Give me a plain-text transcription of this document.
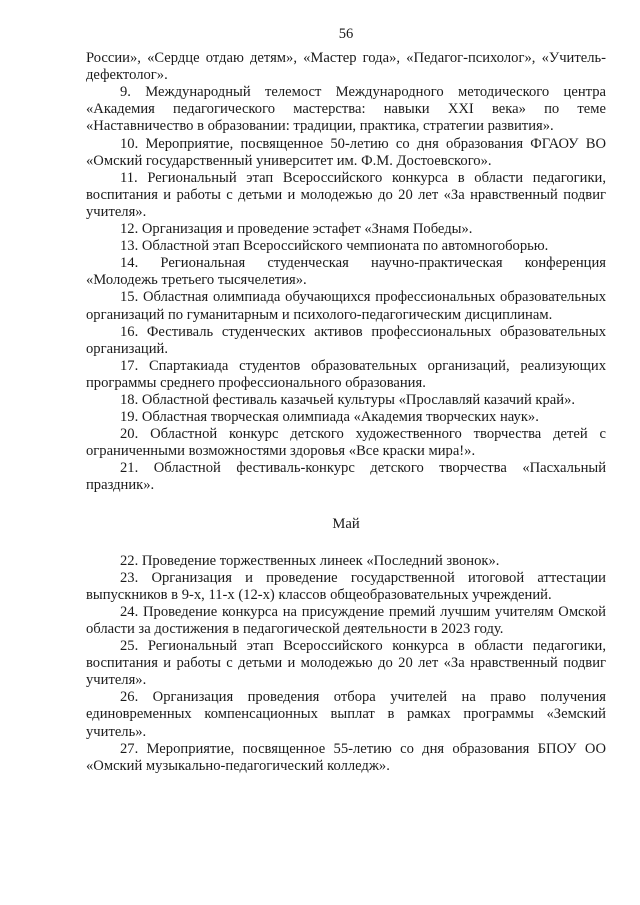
56

России», «Сердце отдаю детям», «Мастер года», «Педагог-психолог», «Учитель-дефектолог».

9. Международный телемост Международного методического центра «Академия педагогического мастерства: навыки XXI века» по теме «Наставничество в образовании: традиции, практика, стратегии развития».

10. Мероприятие, посвященное 50-летию со дня образования ФГАОУ ВО «Омский государственный университет им. Ф.М. Достоевского».

11. Региональный этап Всероссийского конкурса в области педагогики, воспитания и работы с детьми и молодежью до 20 лет «За нравственный подвиг учителя».

12. Организация и проведение эстафет «Знамя Победы».

13. Областной этап Всероссийского чемпионата по автомногоборью.

14. Региональная студенческая научно-практическая конференция «Молодежь третьего тысячелетия».

15. Областная олимпиада обучающихся профессиональных образовательных организаций по гуманитарным и психолого-педагогическим дисциплинам.

16. Фестиваль студенческих активов профессиональных образовательных организаций.

17. Спартакиада студентов образовательных организаций, реализующих программы среднего профессионального образования.

18. Областной фестиваль казачьей культуры «Прославляй казачий край».

19. Областная творческая олимпиада «Академия творческих наук».

20. Областной конкурс детского художественного творчества детей с ограниченными возможностями здоровья «Все краски мира!».

21. Областной фестиваль-конкурс детского творчества «Пасхальный праздник».

Май

22. Проведение торжественных линеек «Последний звонок».

23. Организация и проведение государственной итоговой аттестации выпускников в 9-х, 11-х (12-х) классов общеобразовательных учреждений.

24. Проведение конкурса на присуждение премий лучшим учителям Омской области за достижения в педагогической деятельности в 2023 году.

25. Региональный этап Всероссийского конкурса в области педагогики, воспитания и работы с детьми и молодежью до 20 лет «За нравственный подвиг учителя».

26. Организация проведения отбора учителей на право получения единовременных компенсационных выплат в рамках программы «Земский учитель».

27. Мероприятие, посвященное 55-летию со дня образования БПОУ ОО «Омский музыкально-педагогический колледж».
